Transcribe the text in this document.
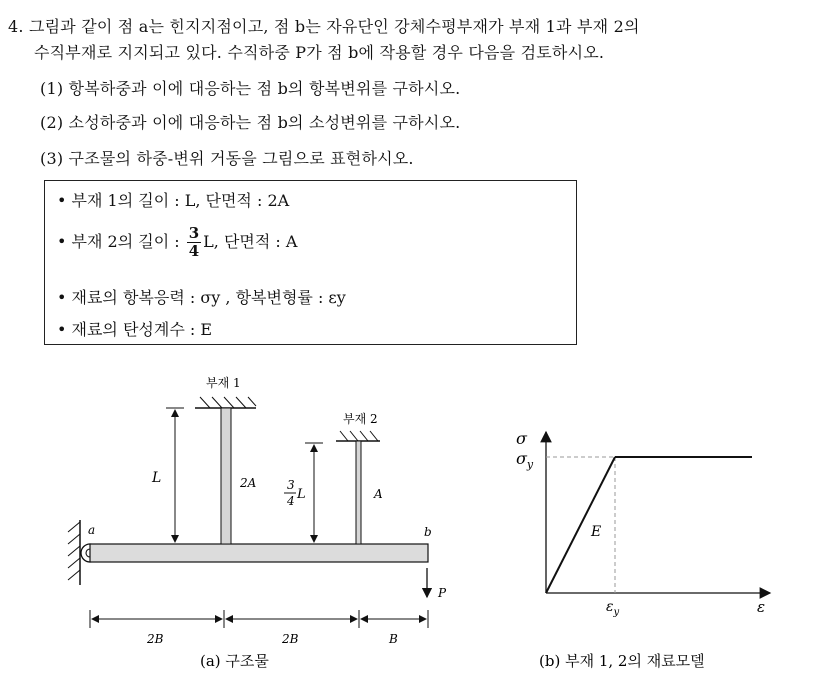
4. 그림과 같이 점 a는 힌지지점이고, 점 b는 자유단인 강체수평부재가 부재 1과 부재 2의
수직부재로 지지되고 있다. 수직하중 P가 점 b에 작용할 경우 다음을 검토하시오.
(1) 항복하중과 이에 대응하는 점 b의 항복변위를 구하시오.
(2) 소성하중과 이에 대응하는 점 b의 소성변위를 구하시오.
(3) 구조물의 하중-변위 거동을 그림으로 표현하시오.
• 부재 1의 길이 : L, 단면적 : 2A
• 부재 2의 길이 : $\frac{3}{4} L$, 단면적 : A
• 재료의 항복응력 : σy , 항복변형률 : εy
• 재료의 탄성계수 : E
부재 1
부재 2
L	2A	3
4 L	A
a	b
P
2B	2B	B
(a) 구조물
σ
$\sigma_y$
E
$\varepsilon_y$	ε
(b) 부재 1, 2의 재료모델
